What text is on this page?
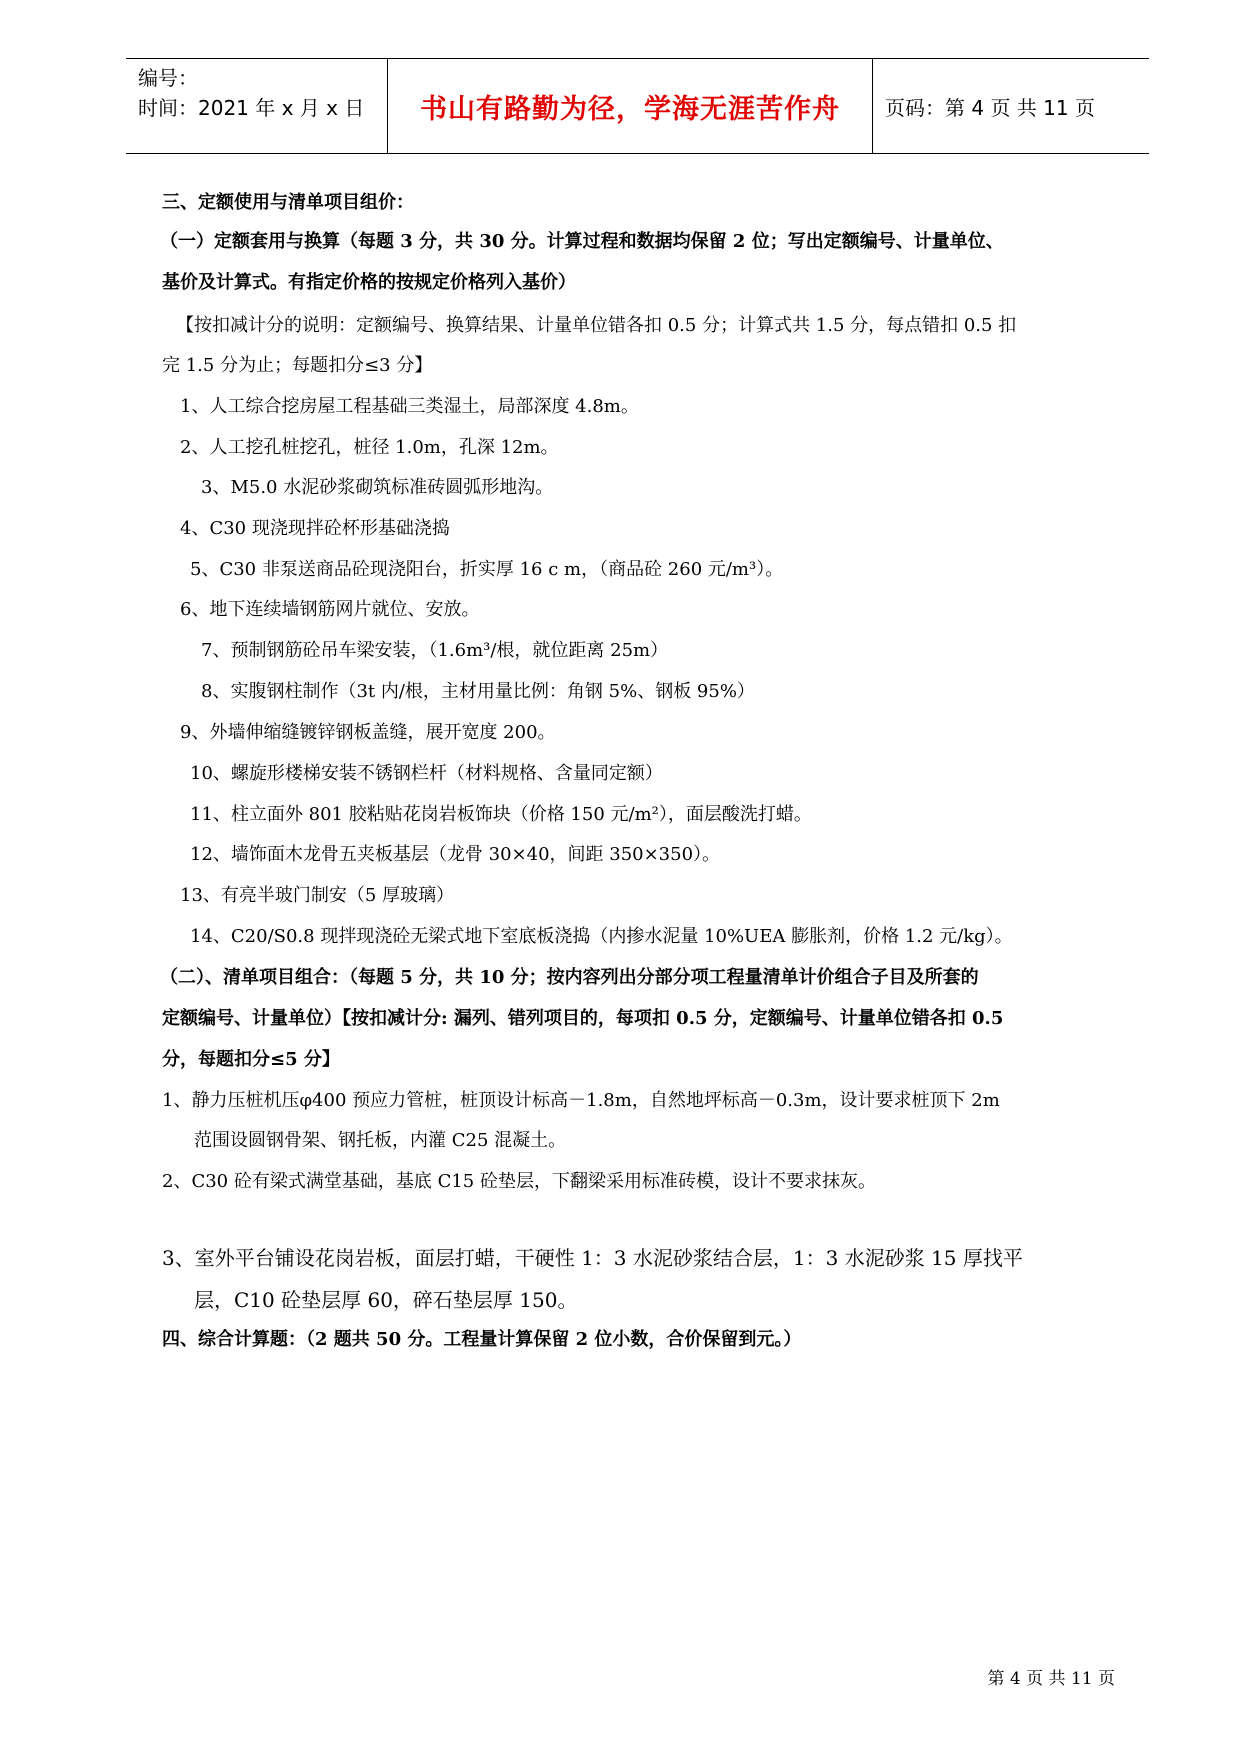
编号：
时间：2021 年 x 月 x 日	书山有路勤为径，学海无涯苦作舟	页码：第 4 页 共 11 页
三、定额使用与清单项目组价：
（一）定额套用与换算（每题 3 分，共 30 分。计算过程和数据均保留 2 位；写出定额编号、计量单位、
基价及计算式。有指定价格的按规定价格列入基价）
【按扣减计分的说明：定额编号、换算结果、计量单位错各扣 0.5 分；计算式共 1.5 分，每点错扣 0.5 扣
完 1.5 分为止；每题扣分≤3 分】
1、人工综合挖房屋工程基础三类湿土，局部深度 4.8m。
2、人工挖孔桩挖孔，桩径 1.0m，孔深 12m。
3、M5.0 水泥砂浆砌筑标准砖圆弧形地沟。
4、C30 现浇现拌砼杯形基础浇捣
5、C30 非泵送商品砼现浇阳台，折实厚 16 c m，（商品砼 260 元/m³）。
6、地下连续墙钢筋网片就位、安放。
7、预制钢筋砼吊车梁安装，（1.6m³/根，就位距离 25m）
8、实腹钢柱制作（3t 内/根，主材用量比例：角钢 5%、钢板 95%）
9、外墙伸缩缝镀锌钢板盖缝，展开宽度 200。
10、螺旋形楼梯安装不锈钢栏杆（材料规格、含量同定额）
11、柱立面外 801 胶粘贴花岗岩板饰块（价格 150 元/m²），面层酸洗打蜡。
12、墙饰面木龙骨五夹板基层（龙骨 30×40，间距 350×350）。
13、有亮半玻门制安（5 厚玻璃）
14、C20/S0.8 现拌现浇砼无梁式地下室底板浇捣（内掺水泥量 10%UEA 膨胀剂，价格 1.2 元/kg）。
（二）、清单项目组合：（每题 5 分，共 10 分；按内容列出分部分项工程量清单计价组合子目及所套的
定额编号、计量单位）【按扣减计分: 漏列、错列项目的，每项扣 0.5 分，定额编号、计量单位错各扣 0.5
分，每题扣分≤5 分】
1、静力压桩机压φ400 预应力管桩，桩顶设计标高－1.8m，自然地坪标高－0.3m，设计要求桩顶下 2m
范围设圆钢骨架、钢托板，内灌 C25 混凝土。
2、C30 砼有梁式满堂基础，基底 C15 砼垫层，下翻梁采用标准砖模，设计不要求抹灰。
3、室外平台铺设花岗岩板，面层打蜡，干硬性 1：3 水泥砂浆结合层，1：3 水泥砂浆 15 厚找平
层，C10 砼垫层厚 60，碎石垫层厚 150。
四、综合计算题：（2 题共 50 分。工程量计算保留 2 位小数，合价保留到元。）
第 4 页 共 11 页
